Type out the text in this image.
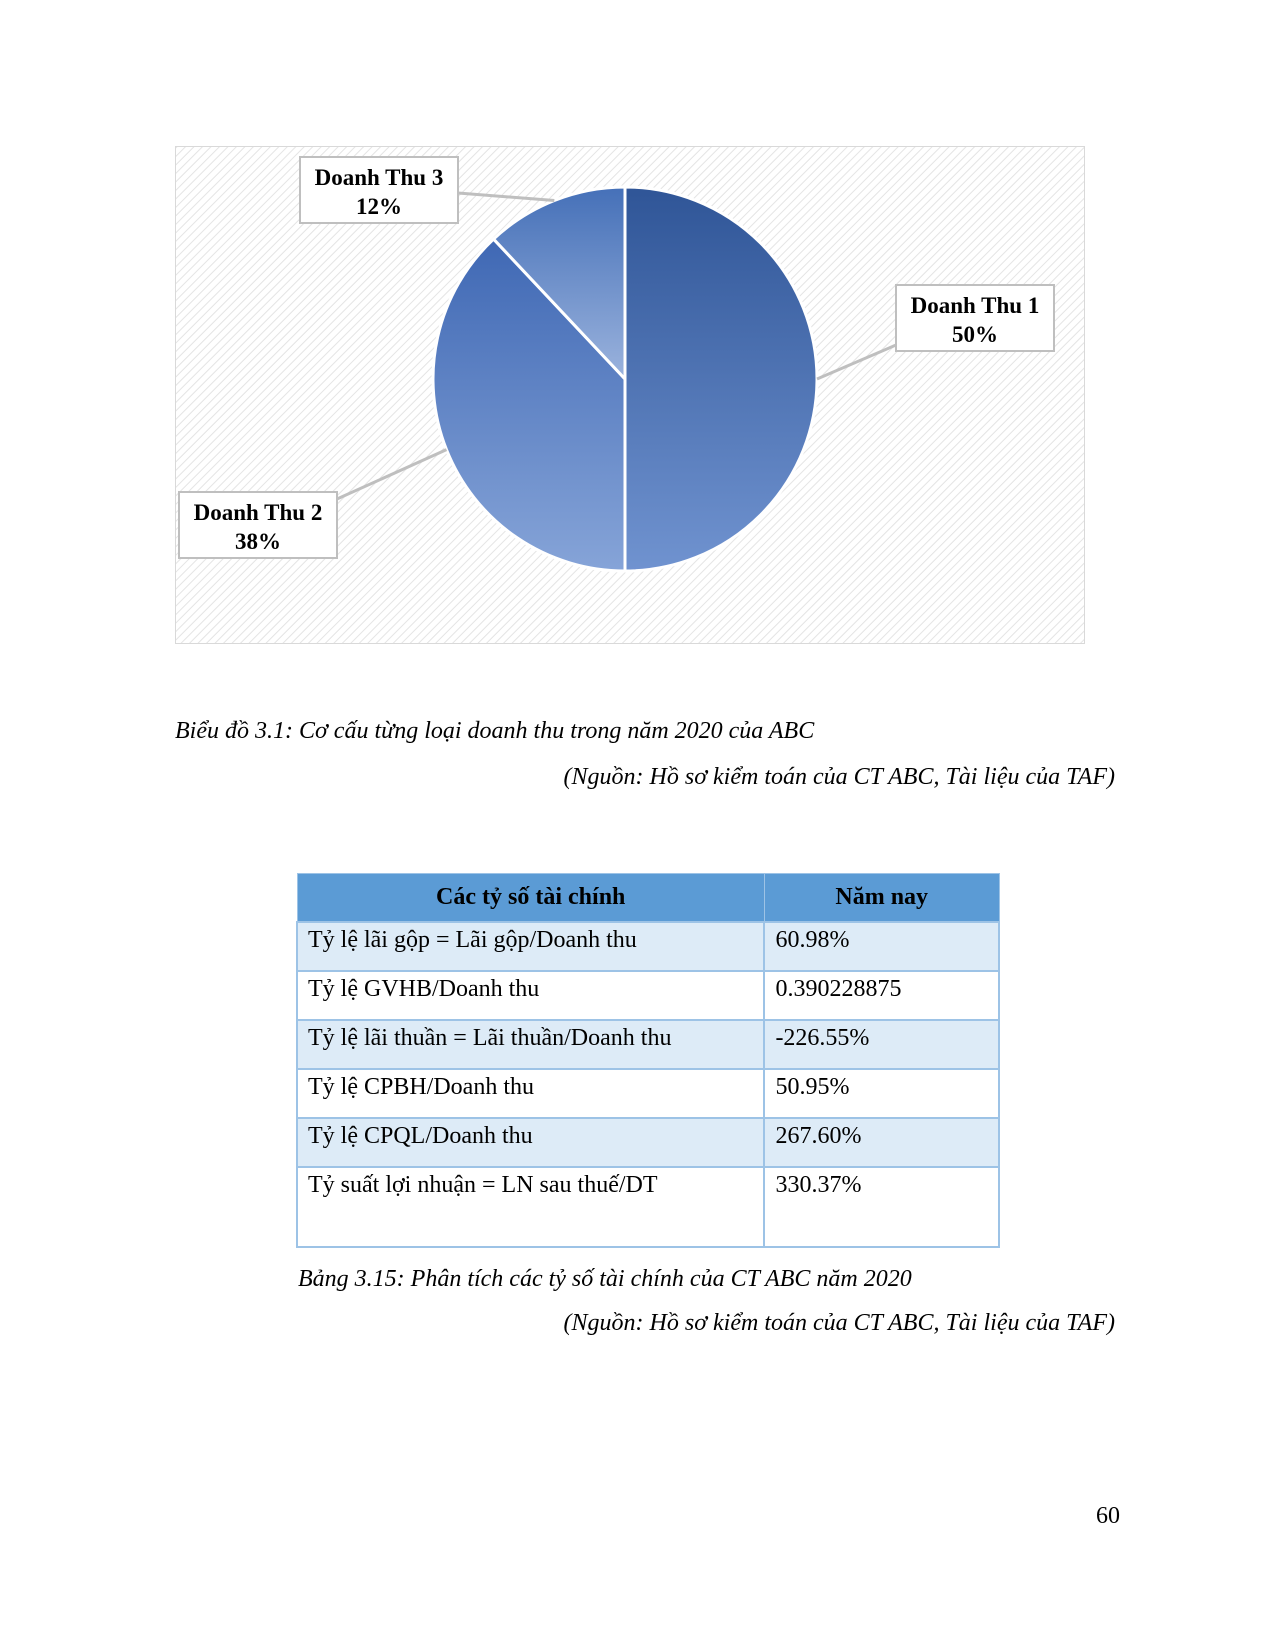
Doanh Thu 1
50%
Doanh Thu 2
38%
Doanh Thu 3
12%
Biểu đồ 3.1: Cơ cấu từng loại doanh thu trong năm 2020 của ABC
(Nguồn: Hồ sơ kiểm toán của CT ABC, Tài liệu của TAF)
Các tỷ số tài chính	Năm nay
Tỷ lệ lãi gộp = Lãi gộp/Doanh thu	60.98%
Tỷ lệ GVHB/Doanh thu	0.390228875
Tỷ lệ lãi thuần = Lãi thuần/Doanh thu	-226.55%
Tỷ lệ CPBH/Doanh thu	50.95%
Tỷ lệ CPQL/Doanh thu	267.60%
Tỷ suất lợi nhuận = LN sau thuế/DT	330.37%
Bảng 3.15: Phân tích các tỷ số tài chính của CT ABC năm 2020
(Nguồn: Hồ sơ kiểm toán của CT ABC, Tài liệu của TAF)
60
